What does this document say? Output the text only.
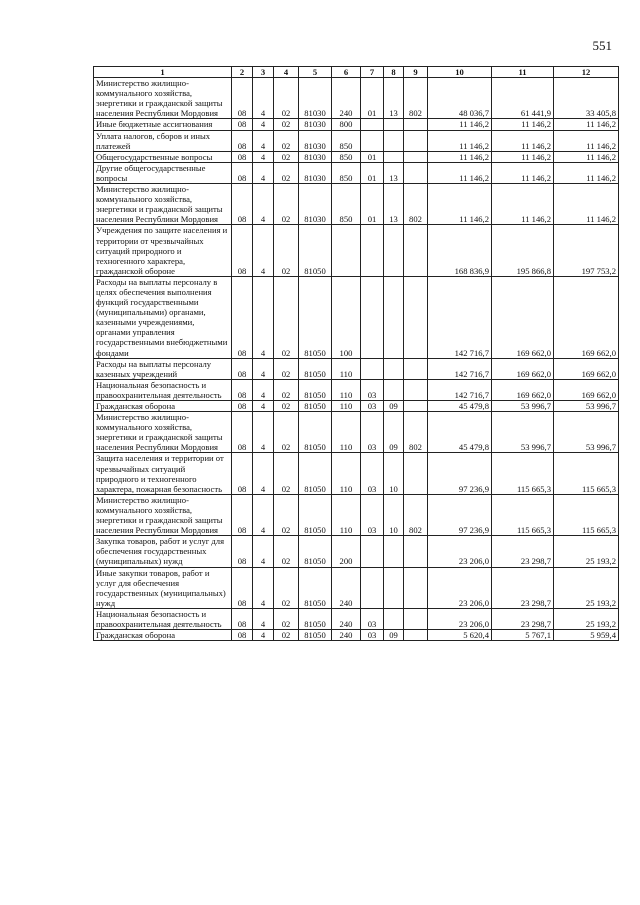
551
1	2	3	4	5	6	7	8	9	10	11	12
Министерство жилищно-коммунального хозяйства, энергетики и гражданской защиты населения Республики Мордовия	08	4	02	81030	240	01	13	802	48 036,7	61 441,9	33 405,8
Иные бюджетные ассигнования	08	4	02	81030	800				11 146,2	11 146,2	11 146,2
Уплата налогов, сборов и иных платежей	08	4	02	81030	850				11 146,2	11 146,2	11 146,2
Общегосударственные вопросы	08	4	02	81030	850	01			11 146,2	11 146,2	11 146,2
Другие общегосударственные вопросы	08	4	02	81030	850	01	13		11 146,2	11 146,2	11 146,2
Министерство жилищно-коммунального хозяйства, энергетики и гражданской защиты населения Республики Мордовия	08	4	02	81030	850	01	13	802	11 146,2	11 146,2	11 146,2
Учреждения по защите населения и территории от чрезвычайных ситуаций природного и техногенного характера, гражданской обороне	08	4	02	81050					168 836,9	195 866,8	197 753,2
Расходы на выплаты персоналу в целях обеспечения выполнения функций государственными (муниципальными) органами, казенными учреждениями, органами управления государственными внебюджетными фондами	08	4	02	81050	100				142 716,7	169 662,0	169 662,0
Расходы на выплаты персоналу казенных учреждений	08	4	02	81050	110				142 716,7	169 662,0	169 662,0
Национальная безопасность и правоохранительная деятельность	08	4	02	81050	110	03			142 716,7	169 662,0	169 662,0
Гражданская оборона	08	4	02	81050	110	03	09		45 479,8	53 996,7	53 996,7
Министерство жилищно-коммунального хозяйства, энергетики и гражданской защиты населения Республики Мордовия	08	4	02	81050	110	03	09	802	45 479,8	53 996,7	53 996,7
Защита населения и территории от чрезвычайных ситуаций природного и техногенного характера, пожарная безопасность	08	4	02	81050	110	03	10		97 236,9	115 665,3	115 665,3
Министерство жилищно-коммунального хозяйства, энергетики и гражданской защиты населения Республики Мордовия	08	4	02	81050	110	03	10	802	97 236,9	115 665,3	115 665,3
Закупка товаров, работ и услуг для обеспечения государственных (муниципальных) нужд	08	4	02	81050	200				23 206,0	23 298,7	25 193,2
Иные закупки товаров, работ и услуг для обеспечения государственных (муниципальных) нужд	08	4	02	81050	240				23 206,0	23 298,7	25 193,2
Национальная безопасность и правоохранительная деятельность	08	4	02	81050	240	03			23 206,0	23 298,7	25 193,2
Гражданская оборона	08	4	02	81050	240	03	09		5 620,4	5 767,1	5 959,4
